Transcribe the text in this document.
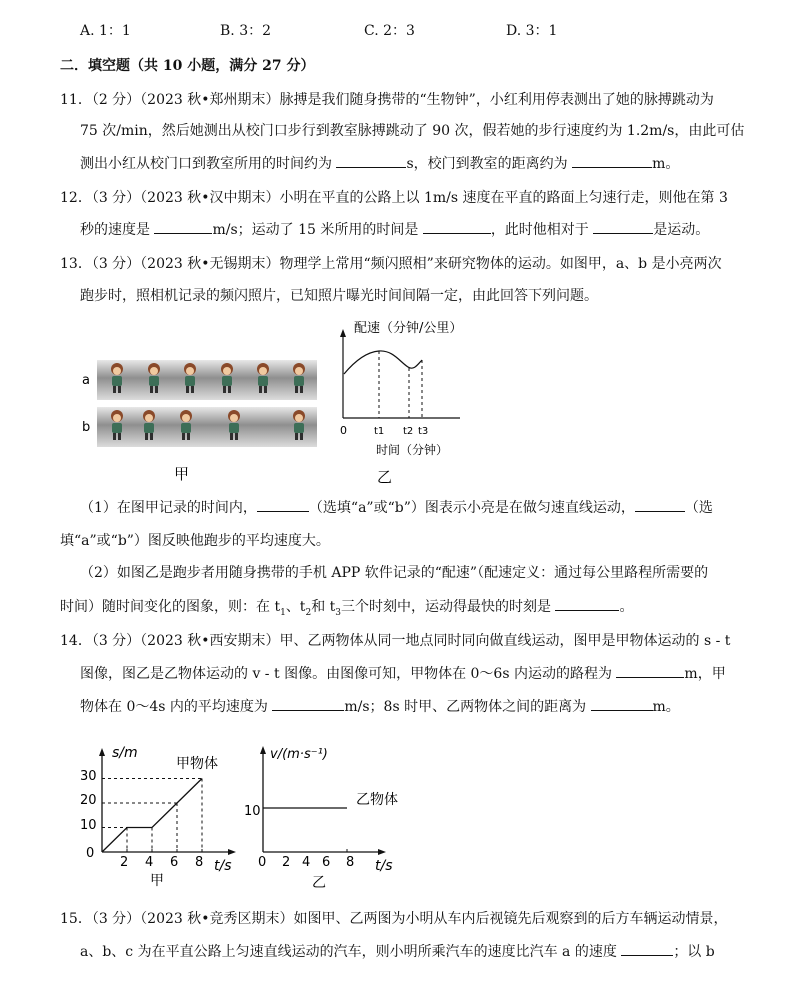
A. 1：1	B. 3：2	C. 2：3	D. 3：1
二．填空题（共 10 小题，满分 27 分）
11．（2 分）（2023 秋•郑州期末）脉搏是我们随身携带的“生物钟”，小红利用停表测出了她的脉搏跳动为
75 次/min，然后她测出从校门口步行到教室脉搏跳动了 90 次，假若她的步行速度约为 1.2m/s，由此可估
测出小红从校门口到教室所用的时间约为	s，校门到教室的距离约为	m。
12．（3 分）（2023 秋•汉中期末）小明在平直的公路上以 1m/s 速度在平直的路面上匀速行走，则他在第 3
秒的速度是	m/s；运动了 15 米所用的时间是	，此时他相对于	是运动。
13．（3 分）（2023 秋•无锡期末）物理学上常用“频闪照相”来研究物体的运动。如图甲，a、b 是小亮两次
跑步时，照相机记录的频闪照片，已知照片曝光时间间隔一定，由此回答下列问题。
a
b
甲
配速（分钟/公里）
0	t1 t2 t3
时间（分钟）
乙
（1）在图甲记录的时间内，	（选填“a”或“b”）图表示小亮是在做匀速直线运动，	（选
填“a”或“b”）图反映他跑步的平均速度大。
（2）如图乙是跑步者用随身携带的手机 APP 软件记录的“配速”（配速定义：通过每公里路程所需要的
时间）随时间变化的图象，则：在 $t_1$、$t_2$和 $t_3$三个时刻中，运动得最快的时刻是	。
14．（3 分）（2023 秋•西安期末）甲、乙两物体从同一地点同时同向做直线运动，图甲是甲物体运动的 s - t
图像，图乙是乙物体运动的 v - t 图像。由图像可知，甲物体在 0～6s 内运动的路程为	m，甲
物体在 0～4s 内的平均速度为	m/s；8s 时甲、乙两物体之间的距离为	m。
s/m
t/s
甲物体
甲
30
20
10
0
2 4 6 8
v/(m·s⁻¹)
t/s
乙物体
乙
10
0 2 4 6 8
15．（3 分）（2023 秋•竞秀区期末）如图甲、乙两图为小明从车内后视镜先后观察到的后方车辆运动情景，
a、b、c 为在平直公路上匀速直线运动的汽车，则小明所乘汽车的速度比汽车 a 的速度	；以 b
